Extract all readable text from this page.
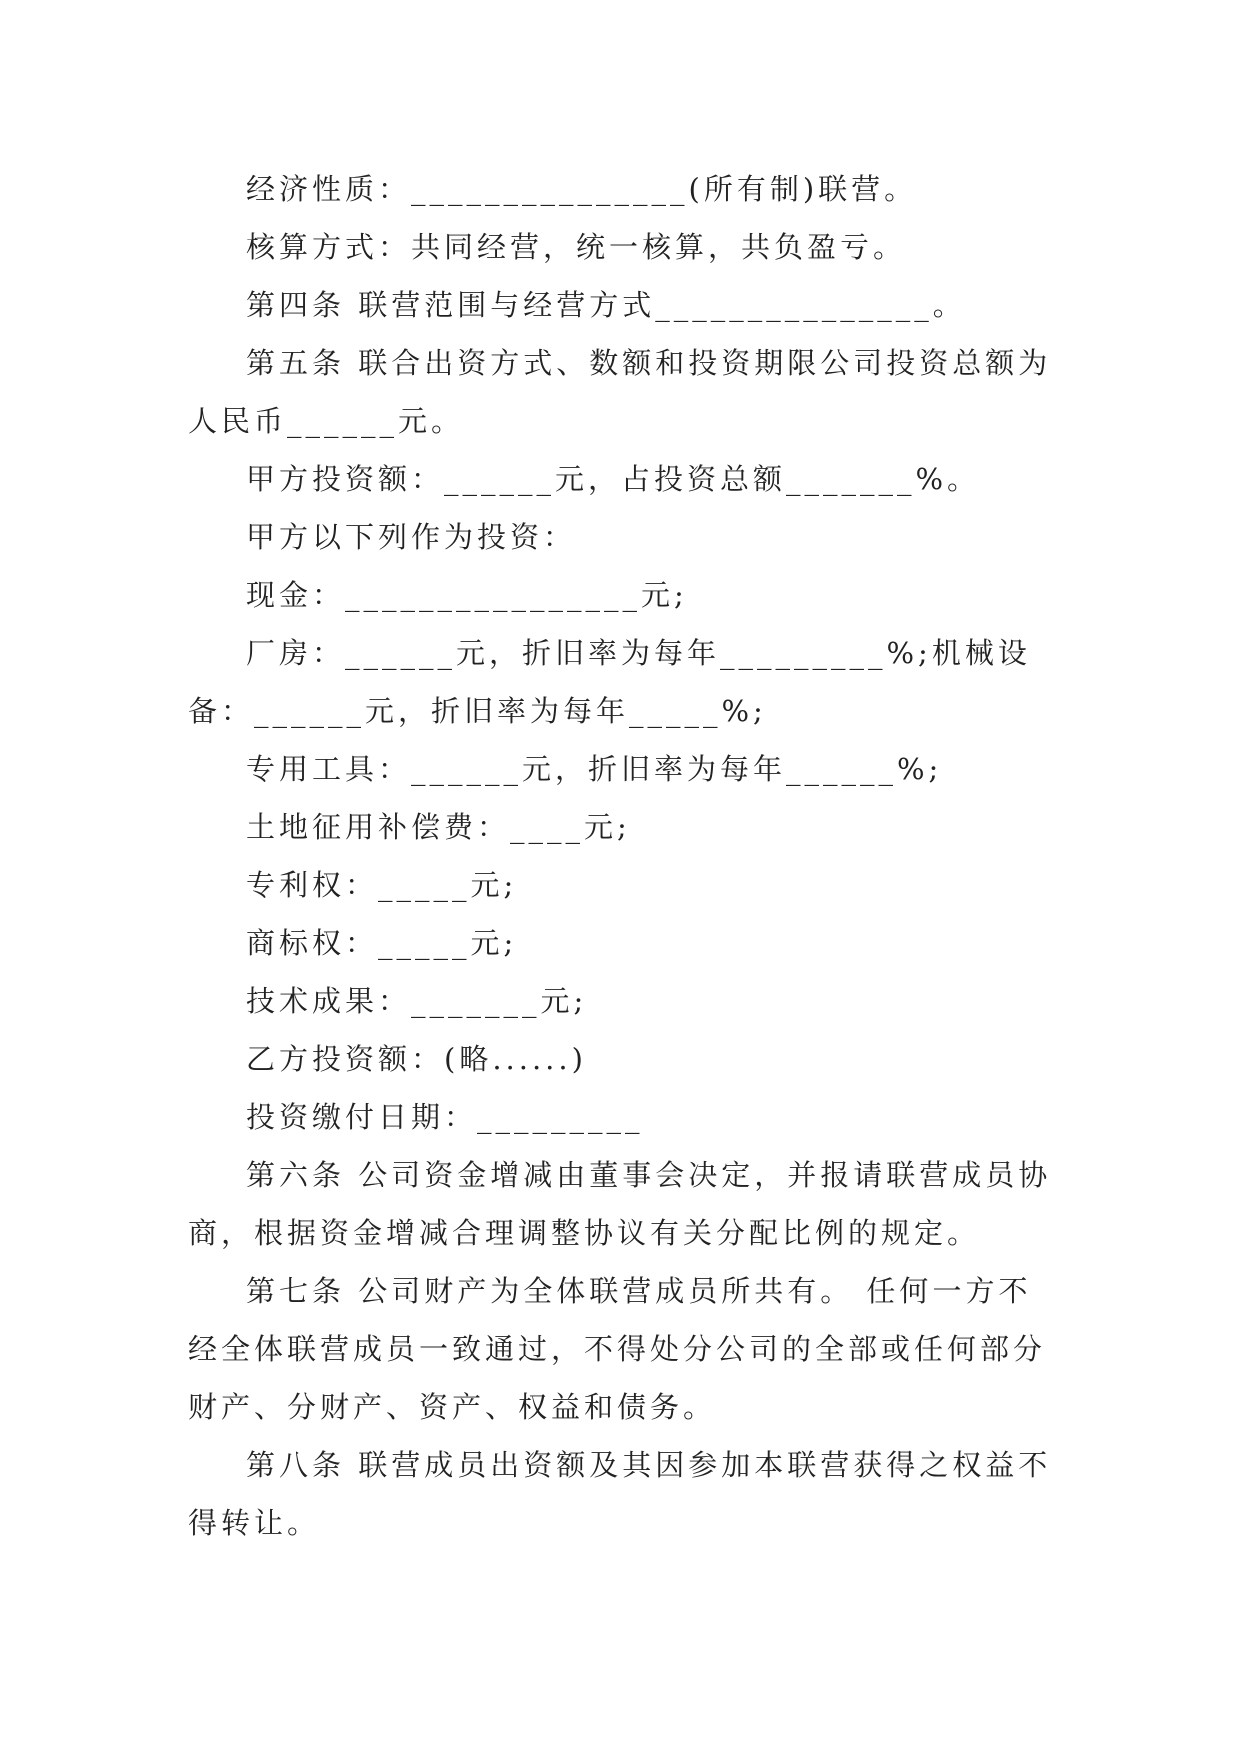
经济性质：_______________(所有制)联营。

核算方式：共同经营，统一核算，共负盈亏。

第四条 联营范围与经营方式_______________。

第五条 联合出资方式、数额和投资期限公司投资总额为人民币______元。

甲方投资额：______元，占投资总额_______%。

甲方以下列作为投资：

现金：________________元;

厂房：______元，折旧率为每年_________%;机械设备：______元，折旧率为每年_____%;

专用工具：______元，折旧率为每年______%;

土地征用补偿费：____元;

专利权：_____元;

商标权：_____元;

技术成果：_______元;

乙方投资额：(略......)

投资缴付日期：_________

第六条 公司资金增减由董事会决定，并报请联营成员协商，根据资金增减合理调整协议有关分配比例的规定。

第七条 公司财产为全体联营成员所共有。 任何一方不经全体联营成员一致通过，不得处分公司的全部或任何部分财产、分财产、资产、权益和债务。

第八条 联营成员出资额及其因参加本联营获得之权益不得转让。
